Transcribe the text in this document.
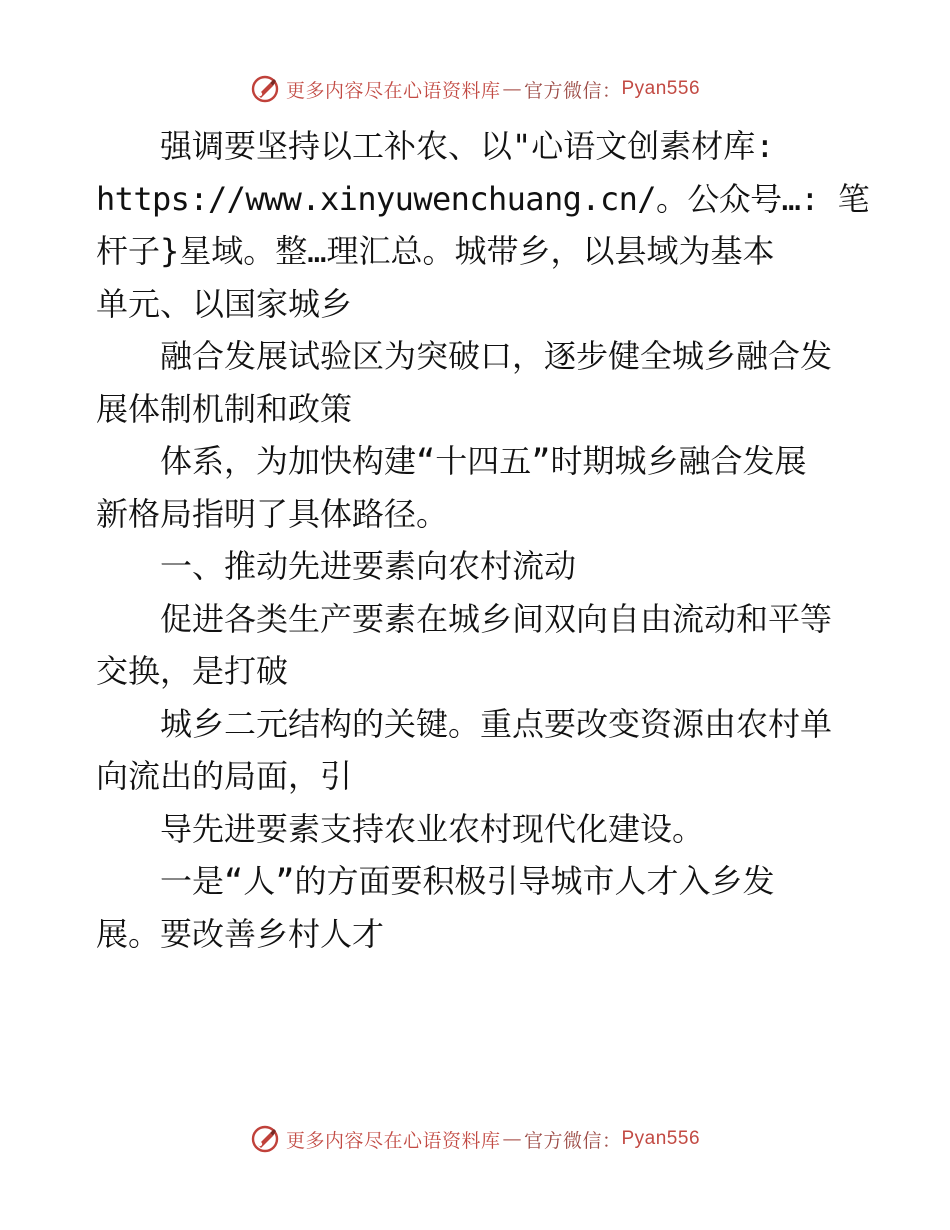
更多内容尽在心语资料库 — 官方微信： Pyan556

强调要坚持以工补农、以"心语文创素材库:

https://www.xinyuwenchuang.cn/。公众号…: 笔

杆子}星域。整…理汇总。城带乡，以县域为基本

单元、以国家城乡

融合发展试验区为突破口，逐步健全城乡融合发

展体制机制和政策

体系，为加快构建“十四五”时期城乡融合发展

新格局指明了具体路径。

一、推动先进要素向农村流动

促进各类生产要素在城乡间双向自由流动和平等

交换，是打破

城乡二元结构的关键。重点要改变资源由农村单

向流出的局面，引

导先进要素支持农业农村现代化建设。

一是“人”的方面要积极引导城市人才入乡发

展。要改善乡村人才

更多内容尽在心语资料库 — 官方微信： Pyan556
